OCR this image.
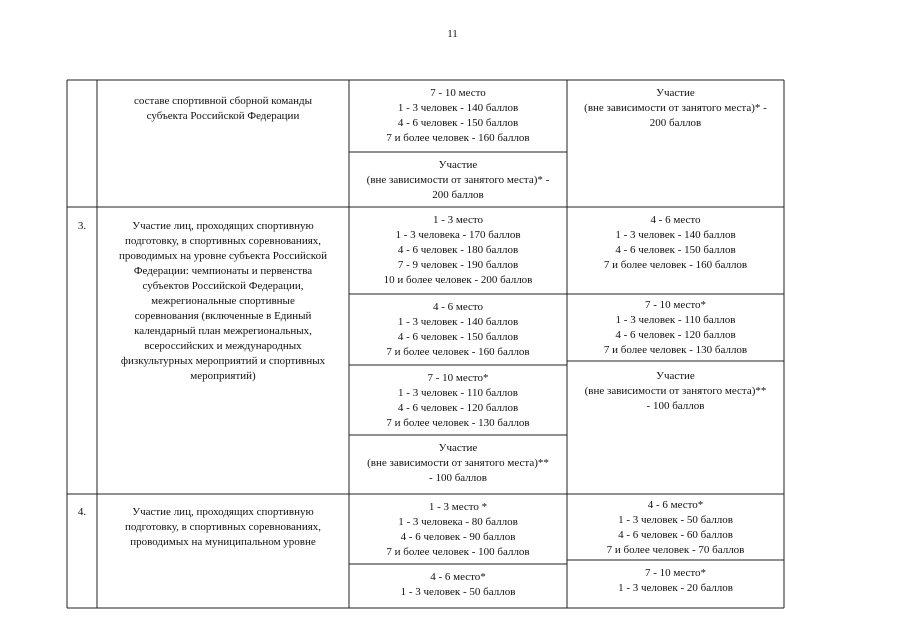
11
составе спортивной сборной команды
субъекта Российской Федерации
7 - 10 место
1 - 3 человек - 140 баллов
4 - 6 человек - 150 баллов
7 и более человек - 160 баллов
Участие
(вне зависимости от занятого места)* -
200 баллов
Участие
(вне зависимости от занятого места)* -
200 баллов
3.	Участие лиц, проходящих спортивную
подготовку, в спортивных соревнованиях,
проводимых на уровне субъекта Российской
Федерации: чемпионаты и первенства
субъектов Российской Федерации,
межрегиональные спортивные
соревнования (включенные в Единый
календарный план межрегиональных,
всероссийских и международных
физкультурных мероприятий и спортивных
мероприятий)
1 - 3 место
1 - 3 человека - 170 баллов
4 - 6 человек - 180 баллов
7 - 9 человек - 190 баллов
10 и более человек - 200 баллов
4 - 6 место
1 - 3 человек - 140 баллов
4 - 6 человек - 150 баллов
7 и более человек - 160 баллов
7 - 10 место*
1 - 3 человек - 110 баллов
4 - 6 человек - 120 баллов
7 и более человек - 130 баллов
Участие
(вне зависимости от занятого места)**
- 100 баллов
4 - 6 место
1 - 3 человек - 140 баллов
4 - 6 человек - 150 баллов
7 и более человек - 160 баллов
7 - 10 место*
1 - 3 человек - 110 баллов
4 - 6 человек - 120 баллов
7 и более человек - 130 баллов
Участие
(вне зависимости от занятого места)**
- 100 баллов
4.	Участие лиц, проходящих спортивную
подготовку, в спортивных соревнованиях,
проводимых на муниципальном уровне
1 - 3 место *
1 - 3 человека - 80 баллов
4 - 6 человек - 90 баллов
7 и более человек - 100 баллов
4 - 6 место*
1 - 3 человек - 50 баллов
4 - 6 место*
1 - 3 человек - 50 баллов
4 - 6 человек - 60 баллов
7 и более человек - 70 баллов
7 - 10 место*
1 - 3 человек - 20 баллов
